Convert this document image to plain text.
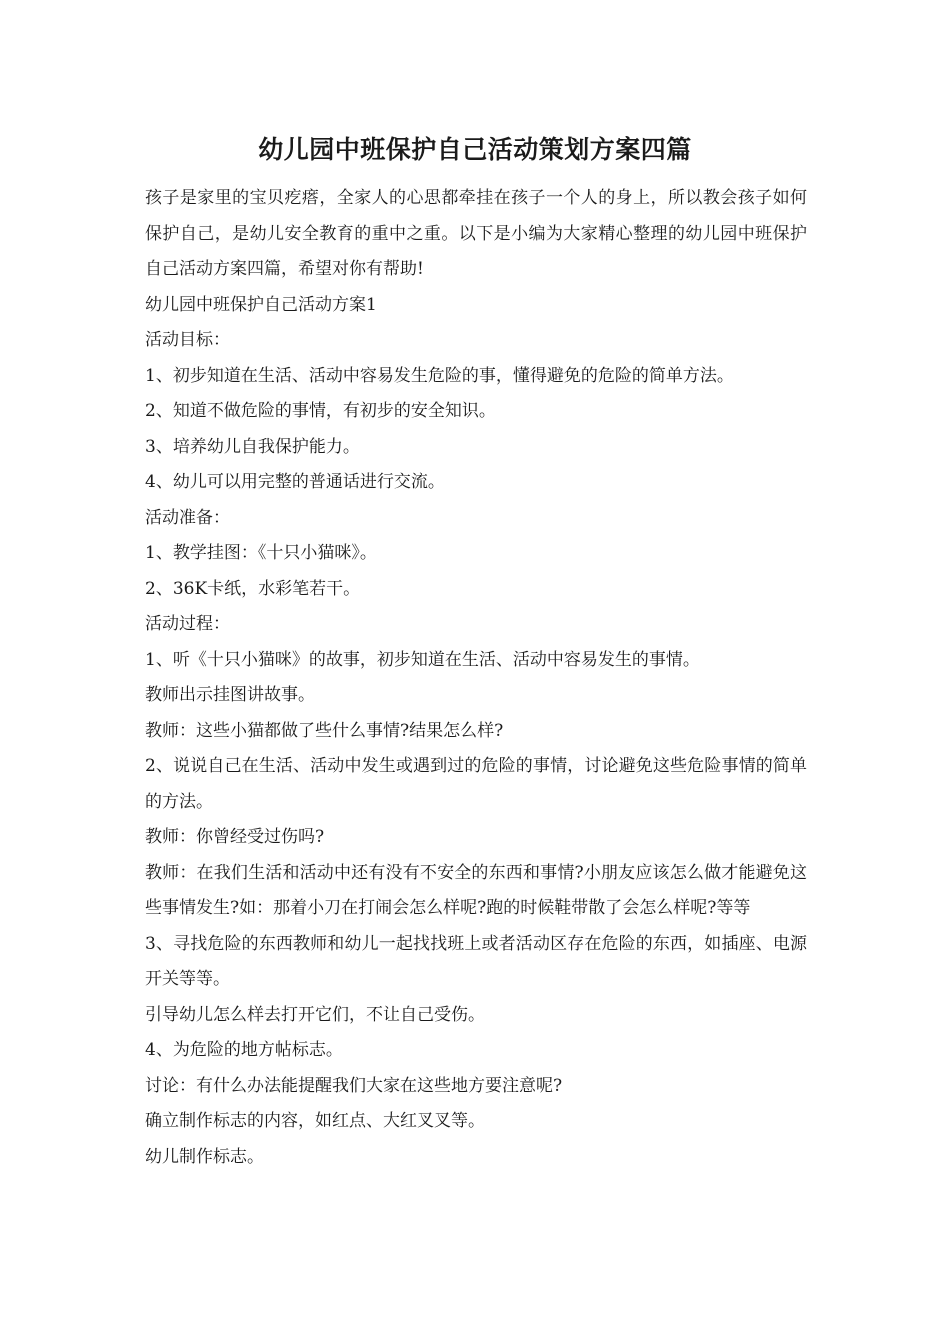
幼儿园中班保护自己活动策划方案四篇

孩子是家里的宝贝疙瘩，全家人的心思都牵挂在孩子一个人的身上，所以教会孩子如何保护自己，是幼儿安全教育的重中之重。以下是小编为大家精心整理的幼儿园中班保护自己活动方案四篇，希望对你有帮助!

幼儿园中班保护自己活动方案1

活动目标：

1、初步知道在生活、活动中容易发生危险的事，懂得避免的危险的简单方法。

2、知道不做危险的事情，有初步的安全知识。

3、培养幼儿自我保护能力。

4、幼儿可以用完整的普通话进行交流。

活动准备：

1、教学挂图：《十只小猫咪》。

2、36K卡纸，水彩笔若干。

活动过程：

1、听《十只小猫咪》的故事，初步知道在生活、活动中容易发生的事情。

教师出示挂图讲故事。

教师：这些小猫都做了些什么事情?结果怎么样?

2、说说自己在生活、活动中发生或遇到过的危险的事情，讨论避免这些危险事情的简单的方法。

教师：你曾经受过伤吗?

教师：在我们生活和活动中还有没有不安全的东西和事情?小朋友应该怎么做才能避免这些事情发生?如：那着小刀在打闹会怎么样呢?跑的时候鞋带散了会怎么样呢?等等

3、寻找危险的东西教师和幼儿一起找找班上或者活动区存在危险的东西，如插座、电源开关等等。

引导幼儿怎么样去打开它们，不让自己受伤。

4、为危险的地方帖标志。

讨论：有什么办法能提醒我们大家在这些地方要注意呢?

确立制作标志的内容，如红点、大红叉叉等。

幼儿制作标志。
